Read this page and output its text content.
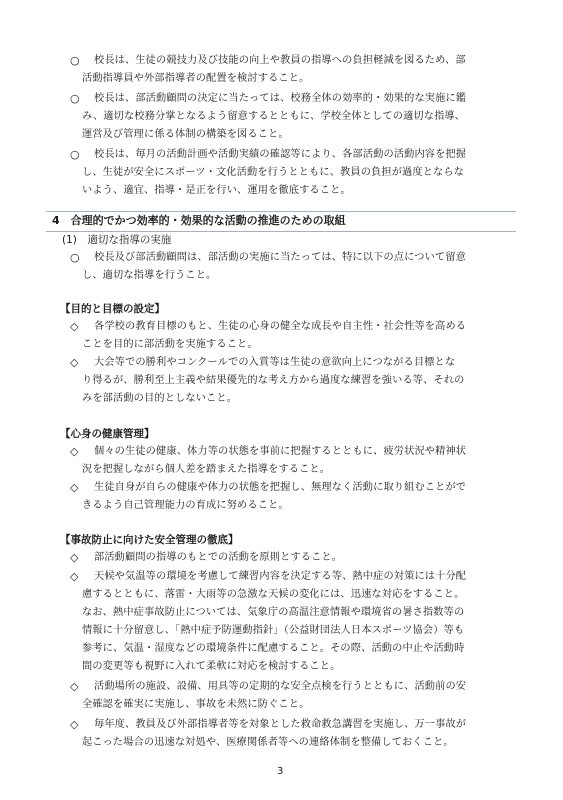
○ 校長は、生徒の競技力及び技能の向上や教員の指導への負担軽減を図るため、部
活動指導員や外部指導者の配置を検討すること。
○ 校長は、部活動顧問の決定に当たっては、校務全体の効率的・効果的な実施に鑑
み、適切な校務分掌となるよう留意するとともに、学校全体としての適切な指導、
運営及び管理に係る体制の構築を図ること。
○ 校長は、毎月の活動計画や活動実績の確認等により、各部活動の活動内容を把握
し、生徒が安全にスポーツ・文化活動を行うとともに、教員の負担が過度とならな
いよう、適宜、指導・是正を行い、運用を徹底すること。
4　合理的でかつ効率的・効果的な活動の推進のための取組
(1)　適切な指導の実施
○ 校長及び部活動顧問は、部活動の実施に当たっては、特に以下の点について留意
し、適切な指導を行うこと。
【目的と目標の設定】
◇ 各学校の教育目標のもと、生徒の心身の健全な成長や自主性・社会性等を高める
ことを目的に部活動を実施すること。
◇ 大会等での勝利やコンクールでの入賞等は生徒の意欲向上につながる目標とな
り得るが、勝利至上主義や結果優先的な考え方から過度な練習を強いる等、それの
みを部活動の目的としないこと。
【心身の健康管理】
◇ 個々の生徒の健康、体力等の状態を事前に把握するとともに、疲労状況や精神状
況を把握しながら個人差を踏まえた指導をすること。
◇ 生徒自身が自らの健康や体力の状態を把握し、無理なく活動に取り組むことがで
きるよう自己管理能力の育成に努めること。
【事故防止に向けた安全管理の徹底】
◇ 部活動顧問の指導のもとでの活動を原則とすること。
◇ 天候や気温等の環境を考慮して練習内容を決定する等、熱中症の対策には十分配
慮するとともに、落雷・大雨等の急激な天候の変化には、迅速な対応をすること。
なお、熱中症事故防止については、気象庁の高温注意情報や環境省の暑さ指数等の
情報に十分留意し、「熱中症予防運動指針」（公益財団法人日本スポーツ協会）等も
参考に、気温・湿度などの環境条件に配慮すること。その際、活動の中止や活動時
間の変更等も視野に入れて柔軟に対応を検討すること。
◇ 活動場所の施設、設備、用具等の定期的な安全点検を行うとともに、活動前の安
全確認を確実に実施し、事故を未然に防ぐこと。
◇ 毎年度、教員及び外部指導者等を対象とした救命救急講習を実施し、万一事故が
起こった場合の迅速な対処や、医療関係者等への連絡体制を整備しておくこと。
3
